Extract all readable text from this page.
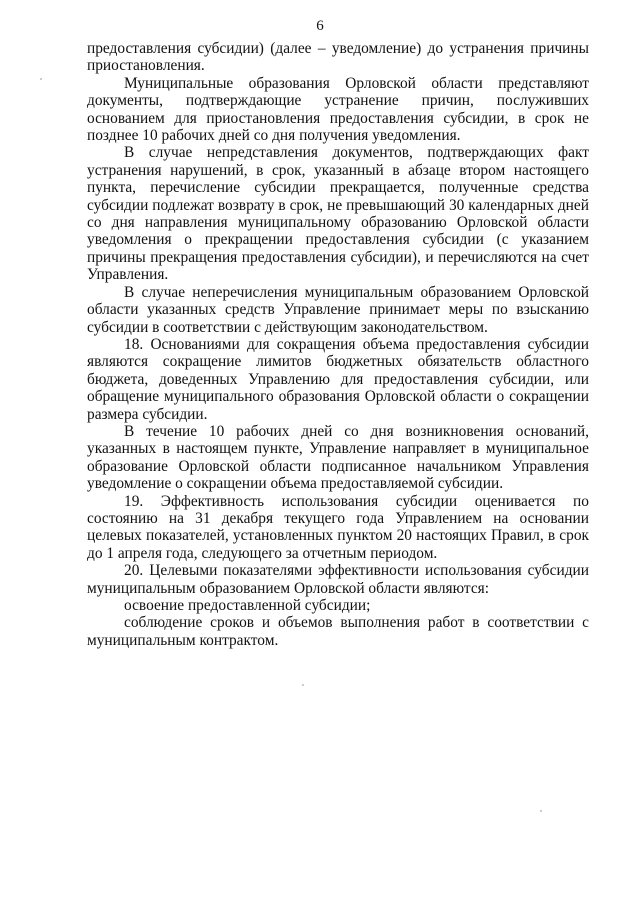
6

предоставления субсидии) (далее – уведомление) до устранения причины приостановления.

Муниципальные образования Орловской области представляют документы, подтверждающие устранение причин, послуживших основанием для приостановления предоставления субсидии, в срок не позднее 10 рабочих дней со дня получения уведомления.

В случае непредставления документов, подтверждающих факт устранения нарушений, в срок, указанный в абзаце втором настоящего пункта, перечисление субсидии прекращается, полученные средства субсидии подлежат возврату в срок, не превышающий 30 календарных дней со дня направления муниципальному образованию Орловской области уведомления о прекращении предоставления субсидии (с указанием причины прекращения предоставления субсидии), и перечисляются на счет Управления.

В случае неперечисления муниципальным образованием Орловской области указанных средств Управление принимает меры по взысканию субсидии в соответствии с действующим законодательством.

18. Основаниями для сокращения объема предоставления субсидии являются сокращение лимитов бюджетных обязательств областного бюджета, доведенных Управлению для предоставления субсидии, или обращение муниципального образования Орловской области о сокращении размера субсидии.

В течение 10 рабочих дней со дня возникновения оснований, указанных в настоящем пункте, Управление направляет в муниципальное образование Орловской области подписанное начальником Управления уведомление о сокращении объема предоставляемой субсидии.

19. Эффективность использования субсидии оценивается по состоянию на 31 декабря текущего года Управлением на основании целевых показателей, установленных пунктом 20 настоящих Правил, в срок до 1 апреля года, следующего за отчетным периодом.

20. Целевыми показателями эффективности использования субсидии муниципальным образованием Орловской области являются:

освоение предоставленной субсидии;

соблюдение сроков и объемов выполнения работ в соответствии с муниципальным контрактом.
